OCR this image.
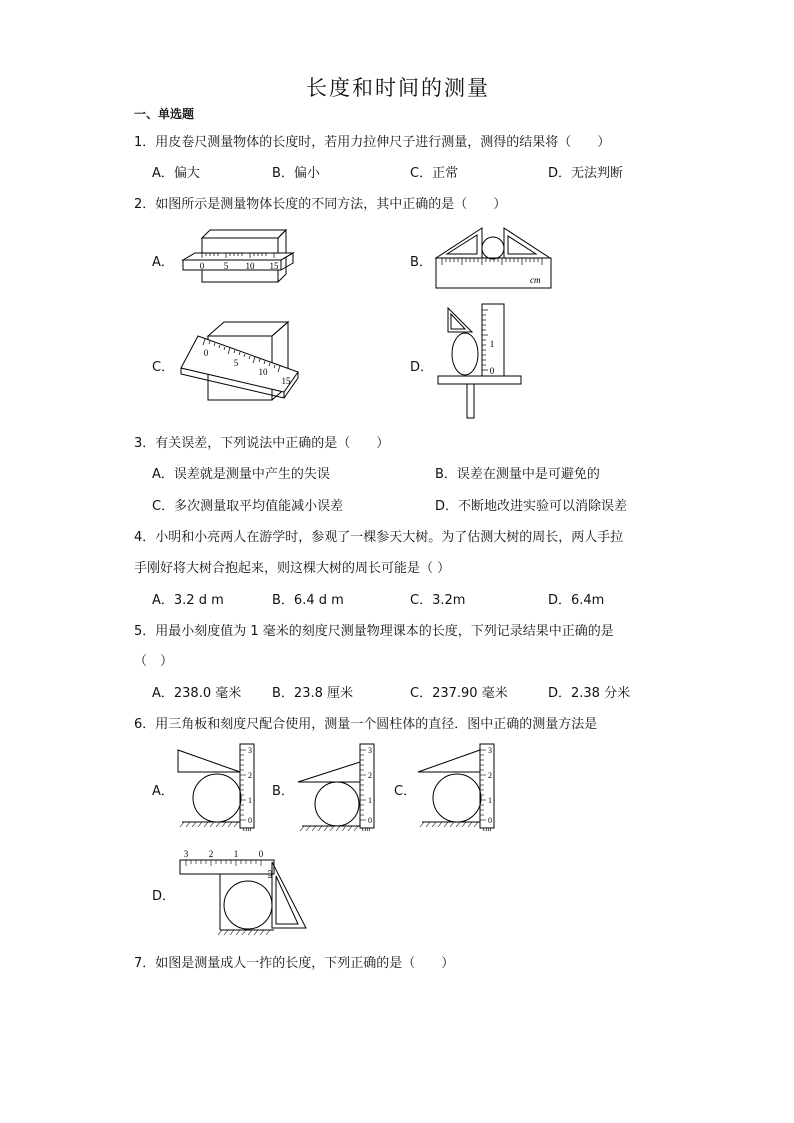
长度和时间的测量
一、单选题
1．用皮卷尺测量物体的长度时，若用力拉伸尺子进行测量，测得的结果将（　　）
A．偏大	B．偏小	C．正常	D．无法判断
2．如图所示是测量物体长度的不同方法，其中正确的是（　　）
A．	B．
C．	D．
0 5 10 15
cm
0
5
10
15
1
0
3．有关误差，下列说法中正确的是（　　）
A．误差就是测量中产生的失误	B．误差在测量中是可避免的
C．多次测量取平均值能减小误差	D．不断地改进实验可以消除误差
4．小明和小亮两人在游学时，参观了一棵参天大树。为了估测大树的周长，两人手拉
手刚好将大树合抱起来，则这棵大树的周长可能是（ ）
A．3.2 d m	B．6.4 d m	C．3.2m	D．6.4m
5．用最小刻度值为 1 毫米的刻度尺测量物理课本的长度，下列记录结果中正确的是
（　）
A．238.0 毫米 B．23.8 厘米	C．237.90 毫米	D．2.38 分米
6．用三角板和刻度尺配合使用，测量一个圆柱体的直径．图中正确的测量方法是
A．	B．	C．
D．
3
2
1
0
cm
3
2
1
0
cm
3
2
1
0
cm
3 2 1 0
cm
7．如图是测量成人一拃的长度，下列正确的是（　　）
